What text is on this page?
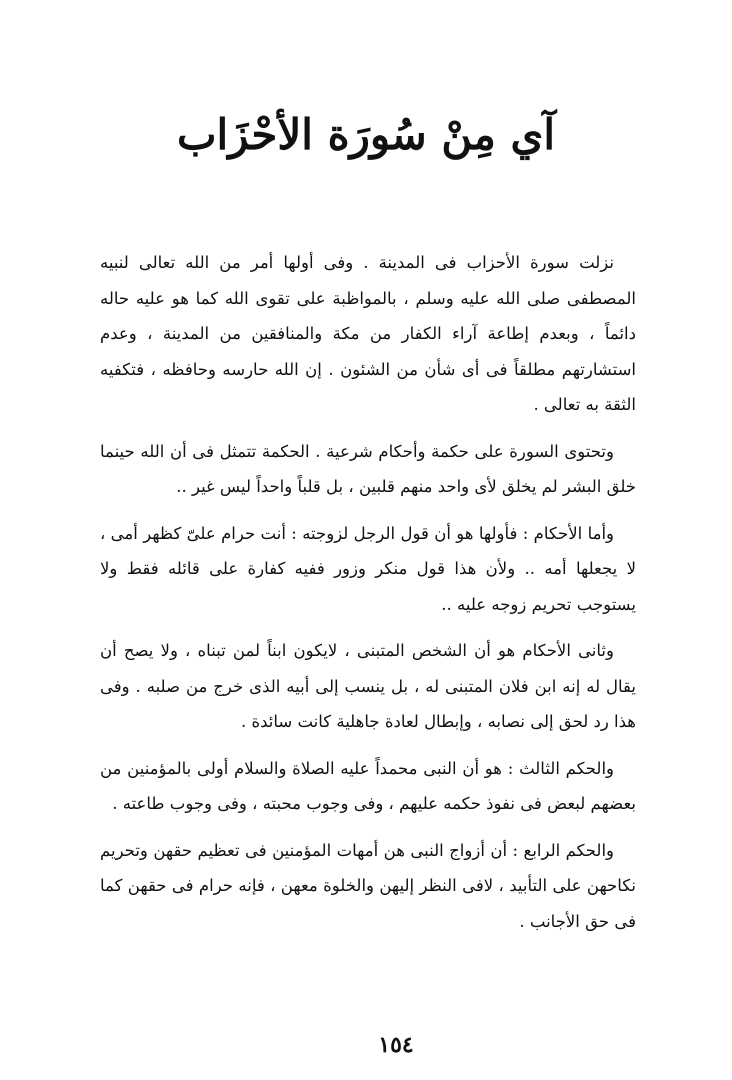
آي مِنْ سُورَة الأحْزَاب

نزلت سورة الأحزاب فى المدينة . وفى أولها أمر من الله تعالى لنبيه المصطفى صلى الله عليه وسلم ، بالمواظبة على تقوى الله كما هو عليه حاله دائماً ، وبعدم إطاعة آراء الكفار من مكة والمنافقين من المدينة ، وعدم استشارتهم مطلقاً فى أى شأن من الشئون . إن الله حارسه وحافظه ، فتكفيه الثقة به تعالى .

وتحتوى السورة على حكمة وأحكام شرعية . الحكمة تتمثل فى أن الله حينما خلق البشر لم يخلق لأى واحد منهم قلبين ، بل قلباً واحداً ليس غير ..

وأما الأحكام : فأولها هو أن قول الرجل لزوجته : أنت حرام علىّ كظهر أمى ، لا يجعلها أمه .. ولأن هذا قول منكر وزور ففيه كفارة على قائله فقط ولا يستوجب تحريم زوجه عليه ..

وثانى الأحكام هو أن الشخص المتبنى ، لايكون ابناً لمن تبناه ، ولا يصح أن يقال له إنه ابن فلان المتبنى له ، بل ينسب إلى أبيه الذى خرج من صلبه . وفى هذا رد لحق إلى نصابه ، وإبطال لعادة جاهلية كانت سائدة .

والحكم الثالث : هو أن النبى محمداً عليه الصلاة والسلام أولى بالمؤمنين من بعضهم لبعض فى نفوذ حكمه عليهم ، وفى وجوب محبته ، وفى وجوب طاعته .

والحكم الرابع : أن أزواج النبى هن أمهات المؤمنين فى تعظيم حقهن وتحريم نكاحهن على التأبيد ، لافى النظر إليهن والخلوة معهن ، فإنه حرام فى حقهن كما فى حق الأجانب .

١٥٤
